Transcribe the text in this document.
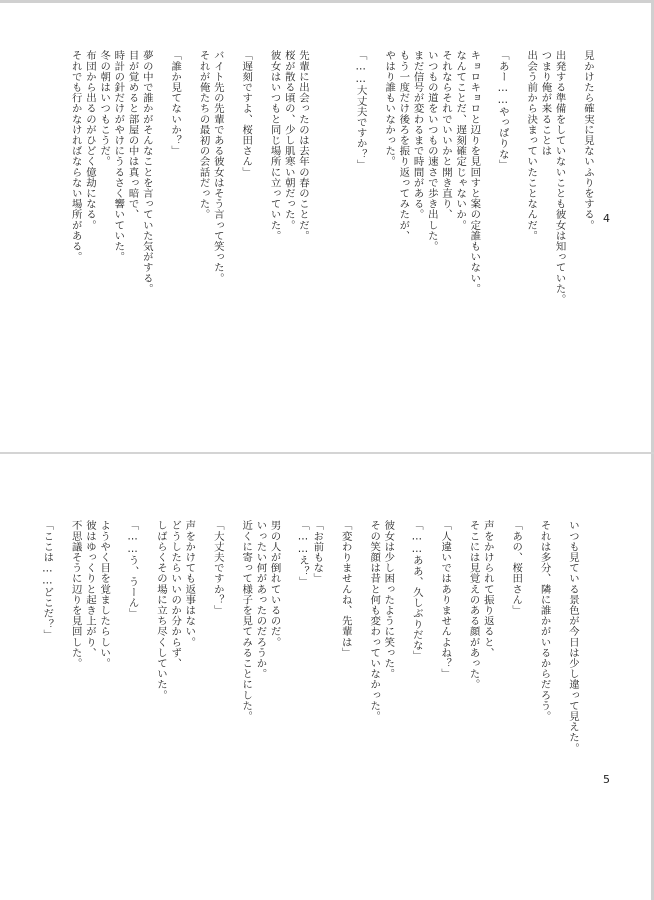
見かけたら確実に見ないふりをする。

出発する準備をしていないことも彼女は知っていた。

つまり俺が来ることは

出会う前から決まっていたことなんだ。

「あー……やっぱりな」

キョロキョロと辺りを見回すと案の定誰もいない。

なんてことだ、遅刻確定じゃないか。

それならそれでいいかと開き直り、

いつもの道をいつもの速さで歩き出した。

まだ信号が変わるまで時間がある。

もう一度だけ後ろを振り返ってみたが、

やはり誰もいなかった。

「……大丈夫ですか？」

先輩に出会ったのは去年の春のことだ。

桜が散る頃の、少し肌寒い朝だった。

彼女はいつもと同じ場所に立っていた。

「遅刻ですよ、桜田さん」

バイト先の先輩である彼女はそう言って笑った。

それが俺たちの最初の会話だった。

「誰か見てないか？」

夢の中で誰かがそんなことを言っていた気がする。

目が覚めると部屋の中は真っ暗で、

時計の針だけがやけにうるさく響いていた。

冬の朝はいつもこうだ。

布団から出るのがひどく億劫になる。

それでも行かなければならない場所がある。	4

いつも見ている景色が今日は少し違って見えた。

それは多分、隣に誰かがいるからだろう。

「あの、桜田さん」

声をかけられて振り返ると、

そこには見覚えのある顔があった。

「人違いではありませんよね？」

「……ああ、久しぶりだな」

彼女は少し困ったように笑った。

その笑顔は昔と何も変わっていなかった。

「変わりませんね、先輩は」

「お前もな」

「……え？」

男の人が倒れているのだ。

いったい何があったのだろうか。

近くに寄って様子を見てみることにした。

「大丈夫ですか？」

声をかけても返事はない。

どうしたらいいのか分からず、

しばらくその場に立ち尽くしていた。

「……う、うーん」

ようやく目を覚ましたらしい。

彼はゆっくりと起き上がり、

不思議そうに辺りを見回した。

「ここは……どこだ？」

5
